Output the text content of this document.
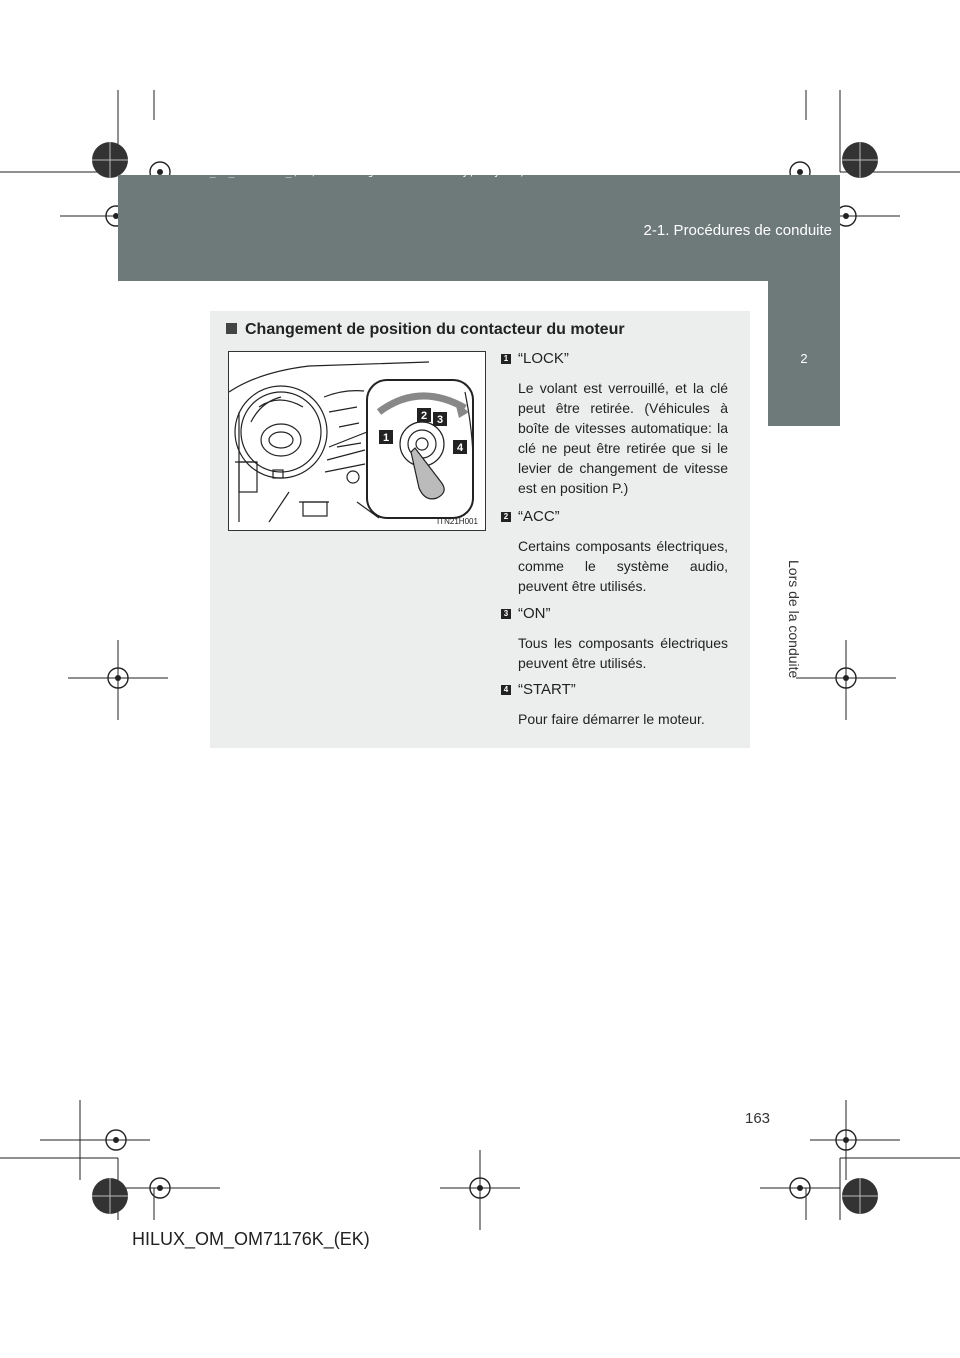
HILUX_OM_OM71176K_(EK).book Page 163 Wednesday, May 16, 2012 2:32 PM
2-1. Procédures de conduite
2
Lors de la conduite
Changement de position du contacteur du moteur
1
2 3
4
ITN21H001
1 “LOCK”
Le volant est verrouillé, et la clé peut être retirée. (Véhicules à boîte de vitesses automatique: la clé ne peut être retirée que si le levier de changement de vitesse est en position P.)
2 “ACC”
Certains composants électriques, comme le système audio, peuvent être utilisés.
3 “ON”
Tous les composants électriques peuvent être utilisés.
4 “START”
Pour faire démarrer le moteur.
163
HILUX_OM_OM71176K_(EK)
